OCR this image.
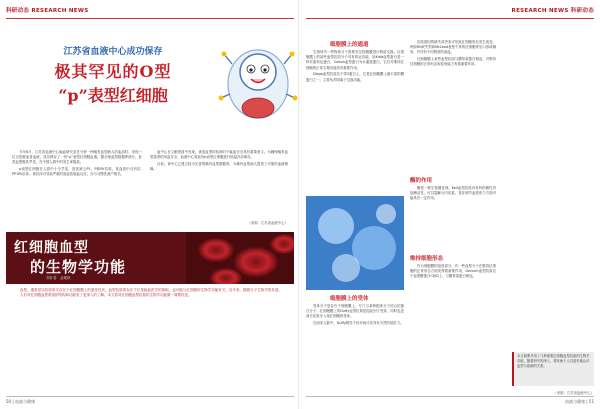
科研动态 RESEARCH NEWS
江苏省血液中心成功保存
极其罕见的O型
“p”表型红细胞

今年6月，江苏省血液中心输血研究室在分析一例稀有血型病人的血清时，发现一位无偿献血者血液，成功保存了一份“p”表型红细胞血液。据全球血型数据库统计，此类血型极其罕见，在中国人群中的发生率极低。

p表型红细胞在人群中十分罕见，因其缺乏P1、P和Pk抗原，其血清中含有抗-PP1Pk抗体。该抗体可导致严重的溶血性输血反应，亦与习惯性流产相关。

血中心在文献报道中发现，该类血型的检测对于输血安全具有重要意义。为确保稀有血型患者的用血安全，血液中心将此份p表型红细胞进行低温冷冻保存。

目前，该中心已建立较为完善的稀有血型数据库，为稀有血型病人提供了可靠的血液保障。

（来源：江苏省血液中心）
红细胞血型
的生物学功能
刘针春　金雅琪
血型，通常是以抗原形式存在于红细胞膜上的遗传性状，血型抗原的存在不仅是输血医学的基础，也可能与红细胞的生物学功能有关。近年来，随着分子生物学的发展，人们对红细胞血型系统的结构和功能有了更深入的了解。本文将对红细胞血型抗原的生物学功能做一简要综述。
50 | 血液与健康
RESEARCH NEWS 科研动态
细胞膜上的通道

生物体内一些物质分子需要穿过细胞膜进行物质交换。红细胞膜上的某些血型抗原分子具有转运功能，如Kidd血型蛋白是一种尿素转运蛋白，Colton血型蛋白为水通道蛋白，它们对维持红细胞的正常生理功能具有重要作用。

Diego血型抗原位于带3蛋白上，它是红细胞膜上最丰富的膜蛋白之一，主要负责阴离子交换功能。

细胞膜上的受体

受体分子是存在于细胞膜上，专门与某种配体分子结合的蛋白分子。红细胞膜上的Duffy血型抗原是趋化因子受体，同时也是间日疟原虫入侵红细胞的受体。

在西非人群中，Duffy阴性个体对间日疟具有天然的抵抗力。

抗原基因的缺失或突变可导致红细胞形态发生改变，例如Rh缺失型和McLeod表型个体的红细胞常呈口形或棘形，并伴有不同程度的溶血。

红细胞膜上某些血型抗原与膜骨架蛋白相连，对维持红细胞的正常形态和变形能力有着重要作用。

酶的作用

酶是一种生物催化剂。Kell血型抗原具有锌依赖性内肽酶活性，可以裂解大内皮素，其在调节血管张力方面可能具有一定作用。

维持细胞形态

作为细胞膜的组成部分，有一些血型分子在维持红细胞的正常形态方面发挥着重要作用，Gerbich血型抗原位于血型糖蛋白C和D上，与膜骨架蛋白相连。

本文简要介绍了几种重要红细胞血型抗原的生物学功能，随着研究的深入，将有助于人们更好地认识血型与疾病的关系。
（来源：江苏省血液中心）
血液与健康 | 51
